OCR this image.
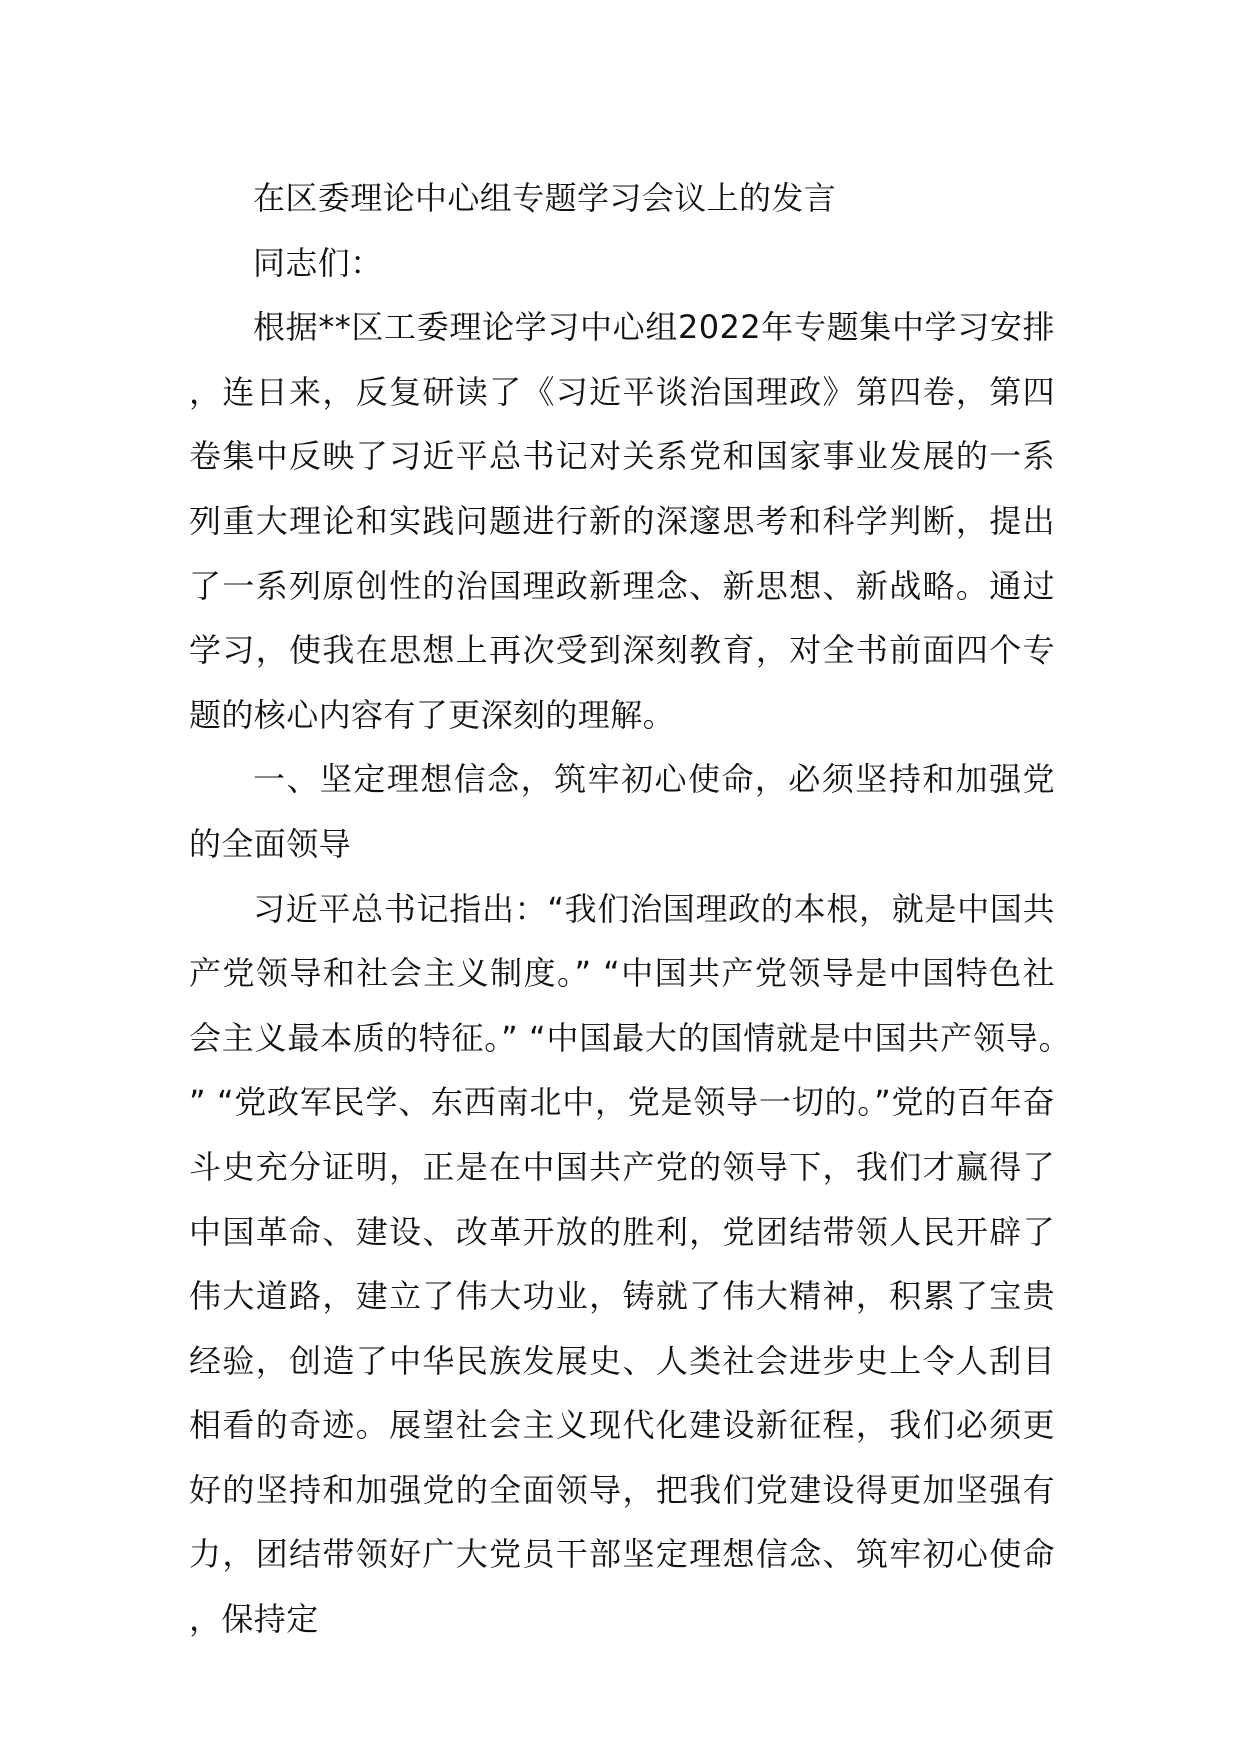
在区委理论中心组专题学习会议上的发言

同志们：

根据**区工委理论学习中心组2022年专题集中学习安排，连日来，反复研读了《习近平谈治国理政》第四卷，第四卷集中反映了习近平总书记对关系党和国家事业发展的一系列重大理论和实践问题进行新的深邃思考和科学判断，提出了一系列原创性的治国理政新理念、新思想、新战略。通过学习，使我在思想上再次受到深刻教育，对全书前面四个专题的核心内容有了更深刻的理解。

一、坚定理想信念，筑牢初心使命，必须坚持和加强党的全面领导

习近平总书记指出：“我们治国理政的本根，就是中国共产党领导和社会主义制度。” “中国共产党领导是中国特色社会主义最本质的特征。” “中国最大的国情就是中国共产领导。” “党政军民学、东西南北中，党是领导一切的。”党的百年奋斗史充分证明，正是在中国共产党的领导下，我们才赢得了中国革命、建设、改革开放的胜利，党团结带领人民开辟了伟大道路，建立了伟大功业，铸就了伟大精神，积累了宝贵经验，创造了中华民族发展史、人类社会进步史上令人刮目相看的奇迹。展望社会主义现代化建设新征程，我们必须更好的坚持和加强党的全面领导，把我们党建设得更加坚强有力，团结带领好广大党员干部坚定理想信念、筑牢初心使命，保持定
